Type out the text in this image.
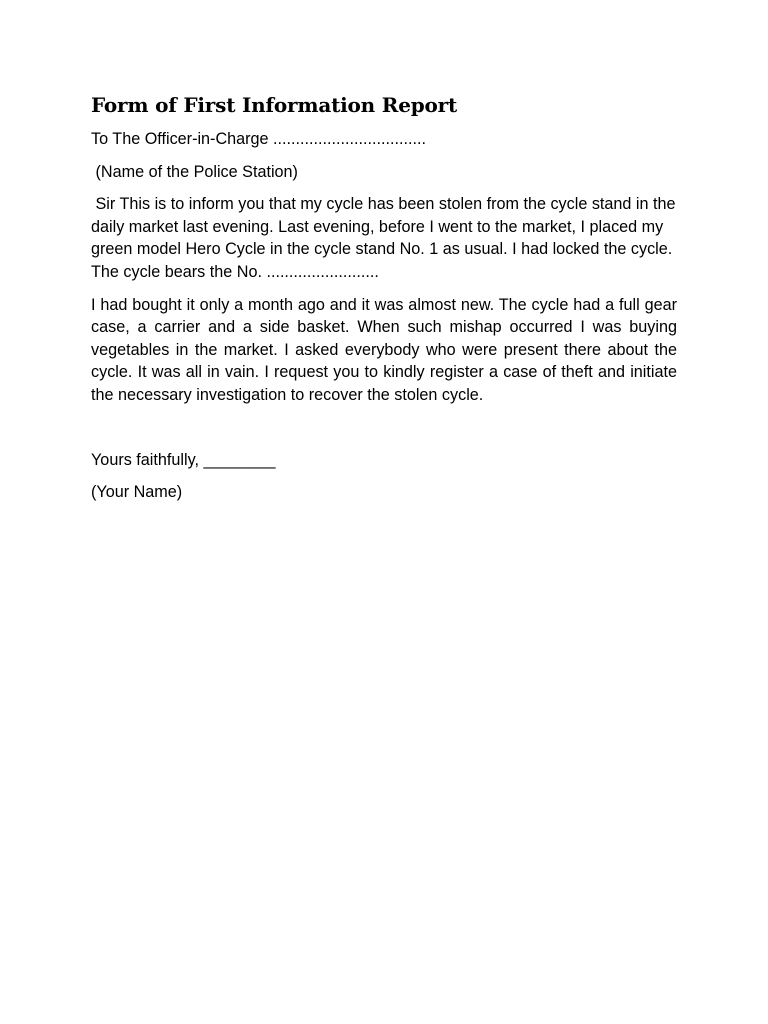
Form of First Information Report

To The Officer-in-Charge ..................................

(Name of the Police Station)

Sir This is to inform you that my cycle has been stolen from the cycle stand in the daily market last evening. Last evening, before I went to the market, I placed my green model Hero Cycle in the cycle stand No. 1 as usual. I had locked the cycle. The cycle bears the No. .........................

I had bought it only a month ago and it was almost new. The cycle had a full gear case, a carrier and a side basket. When such mishap occurred I was buying vegetables in the market. I asked everybody who were present there about the cycle. It was all in vain. I request you to kindly register a case of theft and initiate the necessary investigation to recover the stolen cycle.

Yours faithfully, ________

(Your Name)
